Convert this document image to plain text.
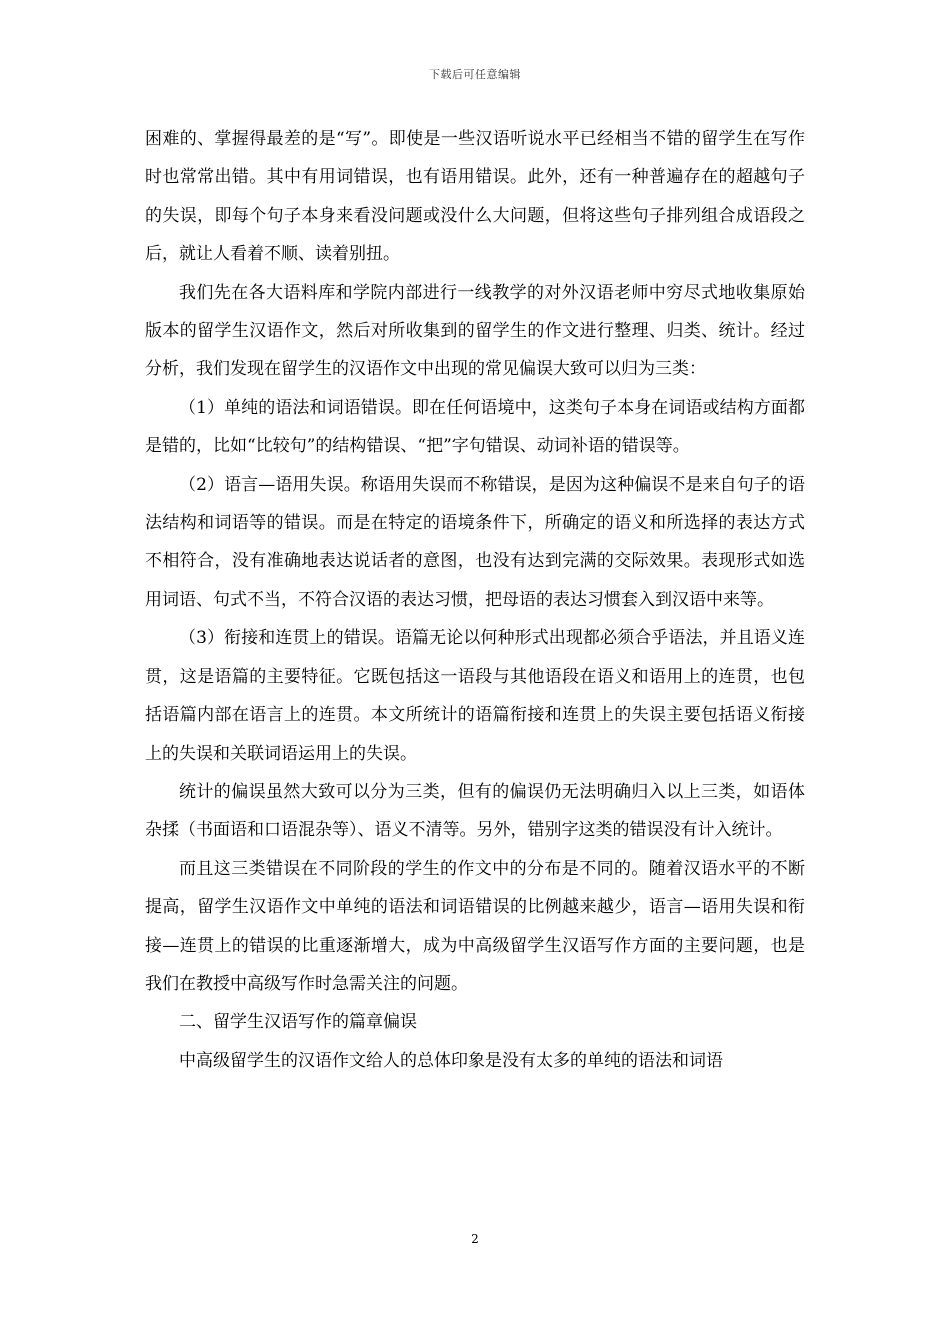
下载后可任意编辑

困难的、掌握得最差的是“写”。即使是一些汉语听说水平已经相当不错的留学生在写作时也常常出错。其中有用词错误，也有语用错误。此外，还有一种普遍存在的超越句子的失误，即每个句子本身来看没问题或没什么大问题，但将这些句子排列组合成语段之后，就让人看着不顺、读着别扭。

我们先在各大语料库和学院内部进行一线教学的对外汉语老师中穷尽式地收集原始版本的留学生汉语作文，然后对所收集到的留学生的作文进行整理、归类、统计。经过分析，我们发现在留学生的汉语作文中出现的常见偏误大致可以归为三类：

（1）单纯的语法和词语错误。即在任何语境中，这类句子本身在词语或结构方面都是错的，比如“比较句”的结构错误、“把”字句错误、动词补语的错误等。

（2）语言—语用失误。称语用失误而不称错误，是因为这种偏误不是来自句子的语法结构和词语等的错误。而是在特定的语境条件下，所确定的语义和所选择的表达方式不相符合，没有准确地表达说话者的意图，也没有达到完满的交际效果。表现形式如选用词语、句式不当，不符合汉语的表达习惯，把母语的表达习惯套入到汉语中来等。

（3）衔接和连贯上的错误。语篇无论以何种形式出现都必须合乎语法，并且语义连贯，这是语篇的主要特征。它既包括这一语段与其他语段在语义和语用上的连贯，也包括语篇内部在语言上的连贯。本文所统计的语篇衔接和连贯上的失误主要包括语义衔接上的失误和关联词语运用上的失误。

统计的偏误虽然大致可以分为三类，但有的偏误仍无法明确归入以上三类，如语体杂揉（书面语和口语混杂等）、语义不清等。另外，错别字这类的错误没有计入统计。

而且这三类错误在不同阶段的学生的作文中的分布是不同的。随着汉语水平的不断提高，留学生汉语作文中单纯的语法和词语错误的比例越来越少，语言—语用失误和衔接—连贯上的错误的比重逐渐增大，成为中高级留学生汉语写作方面的主要问题，也是我们在教授中高级写作时急需关注的问题。

二、留学生汉语写作的篇章偏误

中高级留学生的汉语作文给人的总体印象是没有太多的单纯的语法和词语

2
